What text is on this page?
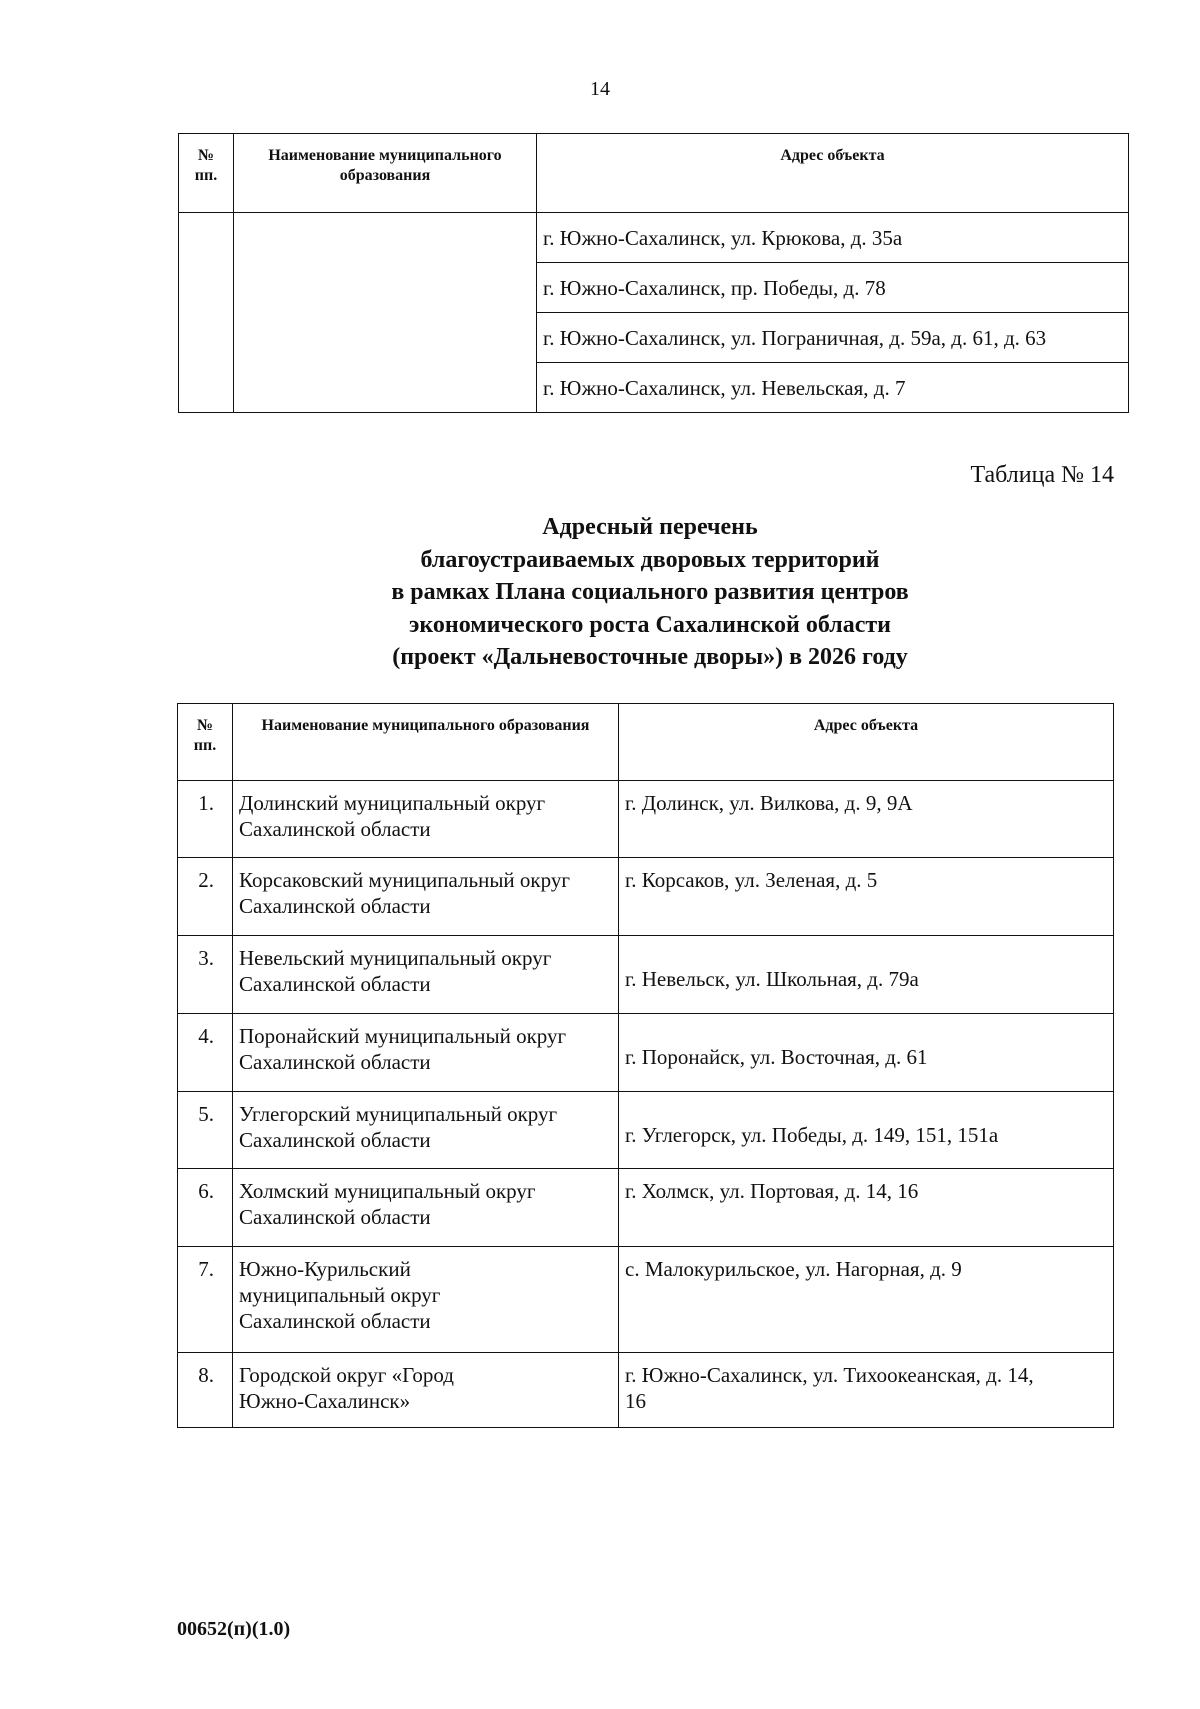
14
№ пп.	Наименование муниципального образования	Адрес объекта
		г. Южно-Сахалинск, ул. Крюкова, д. 35а
		г. Южно-Сахалинск, пр. Победы, д. 78
		г. Южно-Сахалинск, ул. Пограничная, д. 59а, д. 61, д. 63
		г. Южно-Сахалинск, ул. Невельская, д. 7
Таблица № 14
Адресный перечень
благоустраиваемых дворовых территорий
в рамках Плана социального развития центров
экономического роста Сахалинской области
(проект «Дальневосточные дворы») в 2026 году
№ пп.	Наименование муниципального образования	Адрес объекта
1.	Долинский муниципальный округ Сахалинской области	г. Долинск, ул. Вилкова, д. 9, 9А
2.	Корсаковский муниципальный округ Сахалинской области	г. Корсаков, ул. Зеленая, д. 5
3.	Невельский муниципальный округ Сахалинской области	г. Невельск, ул. Школьная, д. 79а
4.	Поронайский муниципальный округ Сахалинской области	г. Поронайск, ул. Восточная, д. 61
5.	Углегорский муниципальный округ Сахалинской области	г. Углегорск, ул. Победы, д. 149, 151, 151а
6.	Холмский муниципальный округ Сахалинской области	г. Холмск, ул. Портовая, д. 14, 16
7.	Южно-Курильский муниципальный округ Сахалинской области	с. Малокурильское, ул. Нагорная, д. 9
8.	Городской округ «Город Южно-Сахалинск»	г. Южно-Сахалинск, ул. Тихоокеанская, д. 14, 16
00652(п)(1.0)
